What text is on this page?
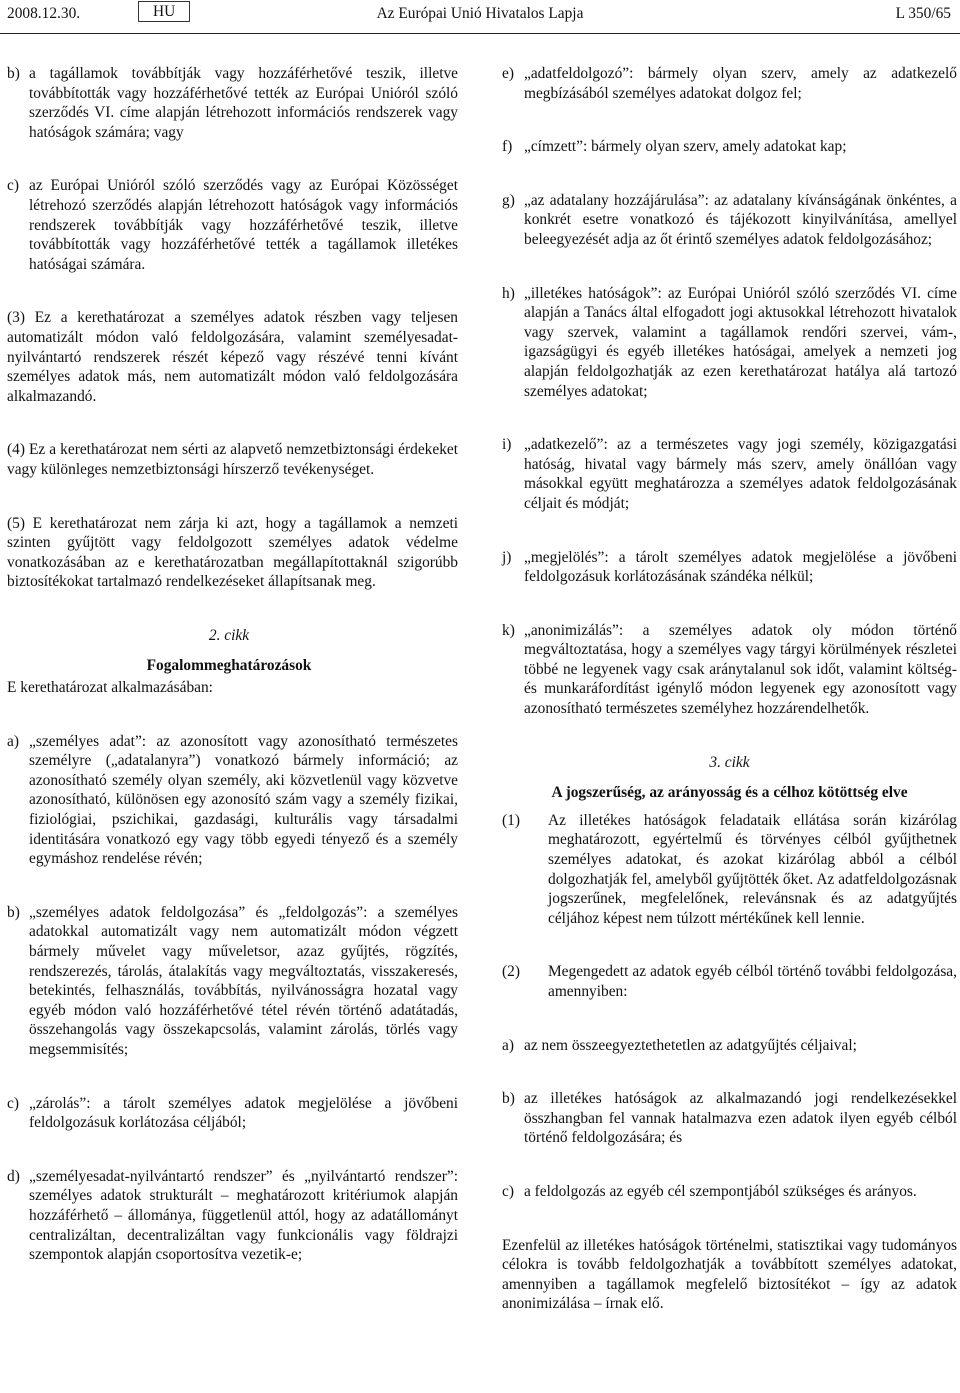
2008.12.30.	HU	Az Európai Unió Hivatalos Lapja	L 350/65
b) a tagállamok továbbítják vagy hozzáférhetővé teszik, illetve továbbították vagy hozzáférhetővé tették az Európai Unióról szóló szerződés VI. címe alapján létrehozott információs rendszerek vagy hatóságok számára; vagy
c) az Európai Unióról szóló szerződés vagy az Európai Közösséget létrehozó szerződés alapján létrehozott hatóságok vagy információs rendszerek továbbítják vagy hozzáférhetővé teszik, illetve továbbították vagy hozzáférhetővé tették a tagállamok illetékes hatóságai számára.

(3) Ez a kerethatározat a személyes adatok részben vagy teljesen automatizált módon való feldolgozására, valamint személyesadat-nyilvántartó rendszerek részét képező vagy részévé tenni kívánt személyes adatok más, nem automatizált módon való feldolgozására alkalmazandó.

(4) Ez a kerethatározat nem sérti az alapvető nemzetbiztonsági érdekeket vagy különleges nemzetbiztonsági hírszerző tevékenységet.

(5) E kerethatározat nem zárja ki azt, hogy a tagállamok a nemzeti szinten gyűjtött vagy feldolgozott személyes adatok védelme vonatkozásában az e kerethatározatban megállapítottaknál szigorúbb biztosítékokat tartalmazó rendelkezéseket állapítsanak meg.

2. cikk
Fogalommeghatározások

E kerethatározat alkalmazásában:

a) „személyes adat”: az azonosított vagy azonosítható természetes személyre („adatalanyra”) vonatkozó bármely információ; az azonosítható személy olyan személy, aki közvetlenül vagy közvetve azonosítható, különösen egy azonosító szám vagy a személy fizikai, fiziológiai, pszichikai, gazdasági, kulturális vagy társadalmi identitására vonatkozó egy vagy több egyedi tényező és a személy egymáshoz rendelése révén;
b) „személyes adatok feldolgozása” és „feldolgozás”: a személyes adatokkal automatizált vagy nem automatizált módon végzett bármely művelet vagy műveletsor, azaz gyűjtés, rögzítés, rendszerezés, tárolás, átalakítás vagy megváltoztatás, visszakeresés, betekintés, felhasználás, továbbítás, nyilvánosságra hozatal vagy egyéb módon való hozzáférhetővé tétel révén történő adatátadás, összehangolás vagy összekapcsolás, valamint zárolás, törlés vagy megsemmisítés;
c) „zárolás”: a tárolt személyes adatok megjelölése a jövőbeni feldolgozásuk korlátozása céljából;
d) „személyesadat-nyilvántartó rendszer” és „nyilvántartó rendszer”: személyes adatok strukturált – meghatározott kritériumok alapján hozzáférhető – állománya, függetlenül attól, hogy az adatállományt centralizáltan, decentralizáltan vagy funkcionális vagy földrajzi szempontok alapján csoportosítva vezetik-e;
e) „adatfeldolgozó”: bármely olyan szerv, amely az adatkezelő megbízásából személyes adatokat dolgoz fel;
f) „címzett”: bármely olyan szerv, amely adatokat kap;
g) „az adatalany hozzájárulása”: az adatalany kívánságának önkéntes, a konkrét esetre vonatkozó és tájékozott kinyilvánítása, amellyel beleegyezését adja az őt érintő személyes adatok feldolgozásához;
h) „illetékes hatóságok”: az Európai Unióról szóló szerződés VI. címe alapján a Tanács által elfogadott jogi aktusokkal létrehozott hivatalok vagy szervek, valamint a tagállamok rendőri szervei, vám-, igazságügyi és egyéb illetékes hatóságai, amelyek a nemzeti jog alapján feldolgozhatják az ezen kerethatározat hatálya alá tartozó személyes adatokat;
i) „adatkezelő”: az a természetes vagy jogi személy, közigazgatási hatóság, hivatal vagy bármely más szerv, amely önállóan vagy másokkal együtt meghatározza a személyes adatok feldolgozásának céljait és módját;
j) „megjelölés”: a tárolt személyes adatok megjelölése a jövőbeni feldolgozásuk korlátozásának szándéka nélkül;
k) „anonimizálás”: a személyes adatok oly módon történő megváltoztatása, hogy a személyes vagy tárgyi körülmények részletei többé ne legyenek vagy csak aránytalanul sok időt, valamint költség- és munkaráfordítást igénylő módon legyenek egy azonosított vagy azonosítható természetes személyhez hozzárendelhetők.
3. cikk
A jogszerűség, az arányosság és a célhoz kötöttség elve
(1)	Az illetékes hatóságok feladataik ellátása során kizárólag meghatározott, egyértelmű és törvényes célból gyűjthetnek személyes adatokat, és azokat kizárólag abból a célból dolgozhatják fel, amelyből gyűjtötték őket. Az adatfeldolgozásnak jogszerűnek, megfelelőnek, relevánsnak és az adatgyűjtés céljához képest nem túlzott mértékűnek kell lennie.
(2)	Megengedett az adatok egyéb célból történő további feldolgozása, amennyiben:
a) az nem összeegyeztethetetlen az adatgyűjtés céljaival;
b) az illetékes hatóságok az alkalmazandó jogi rendelkezésekkel összhangban fel vannak hatalmazva ezen adatok ilyen egyéb célból történő feldolgozására; és
c) a feldolgozás az egyéb cél szempontjából szükséges és arányos.

Ezenfelül az illetékes hatóságok történelmi, statisztikai vagy tudományos célokra is tovább feldolgozhatják a továbbított személyes adatokat, amennyiben a tagállamok megfelelő biztosítékot – így az adatok anonimizálása – írnak elő.
